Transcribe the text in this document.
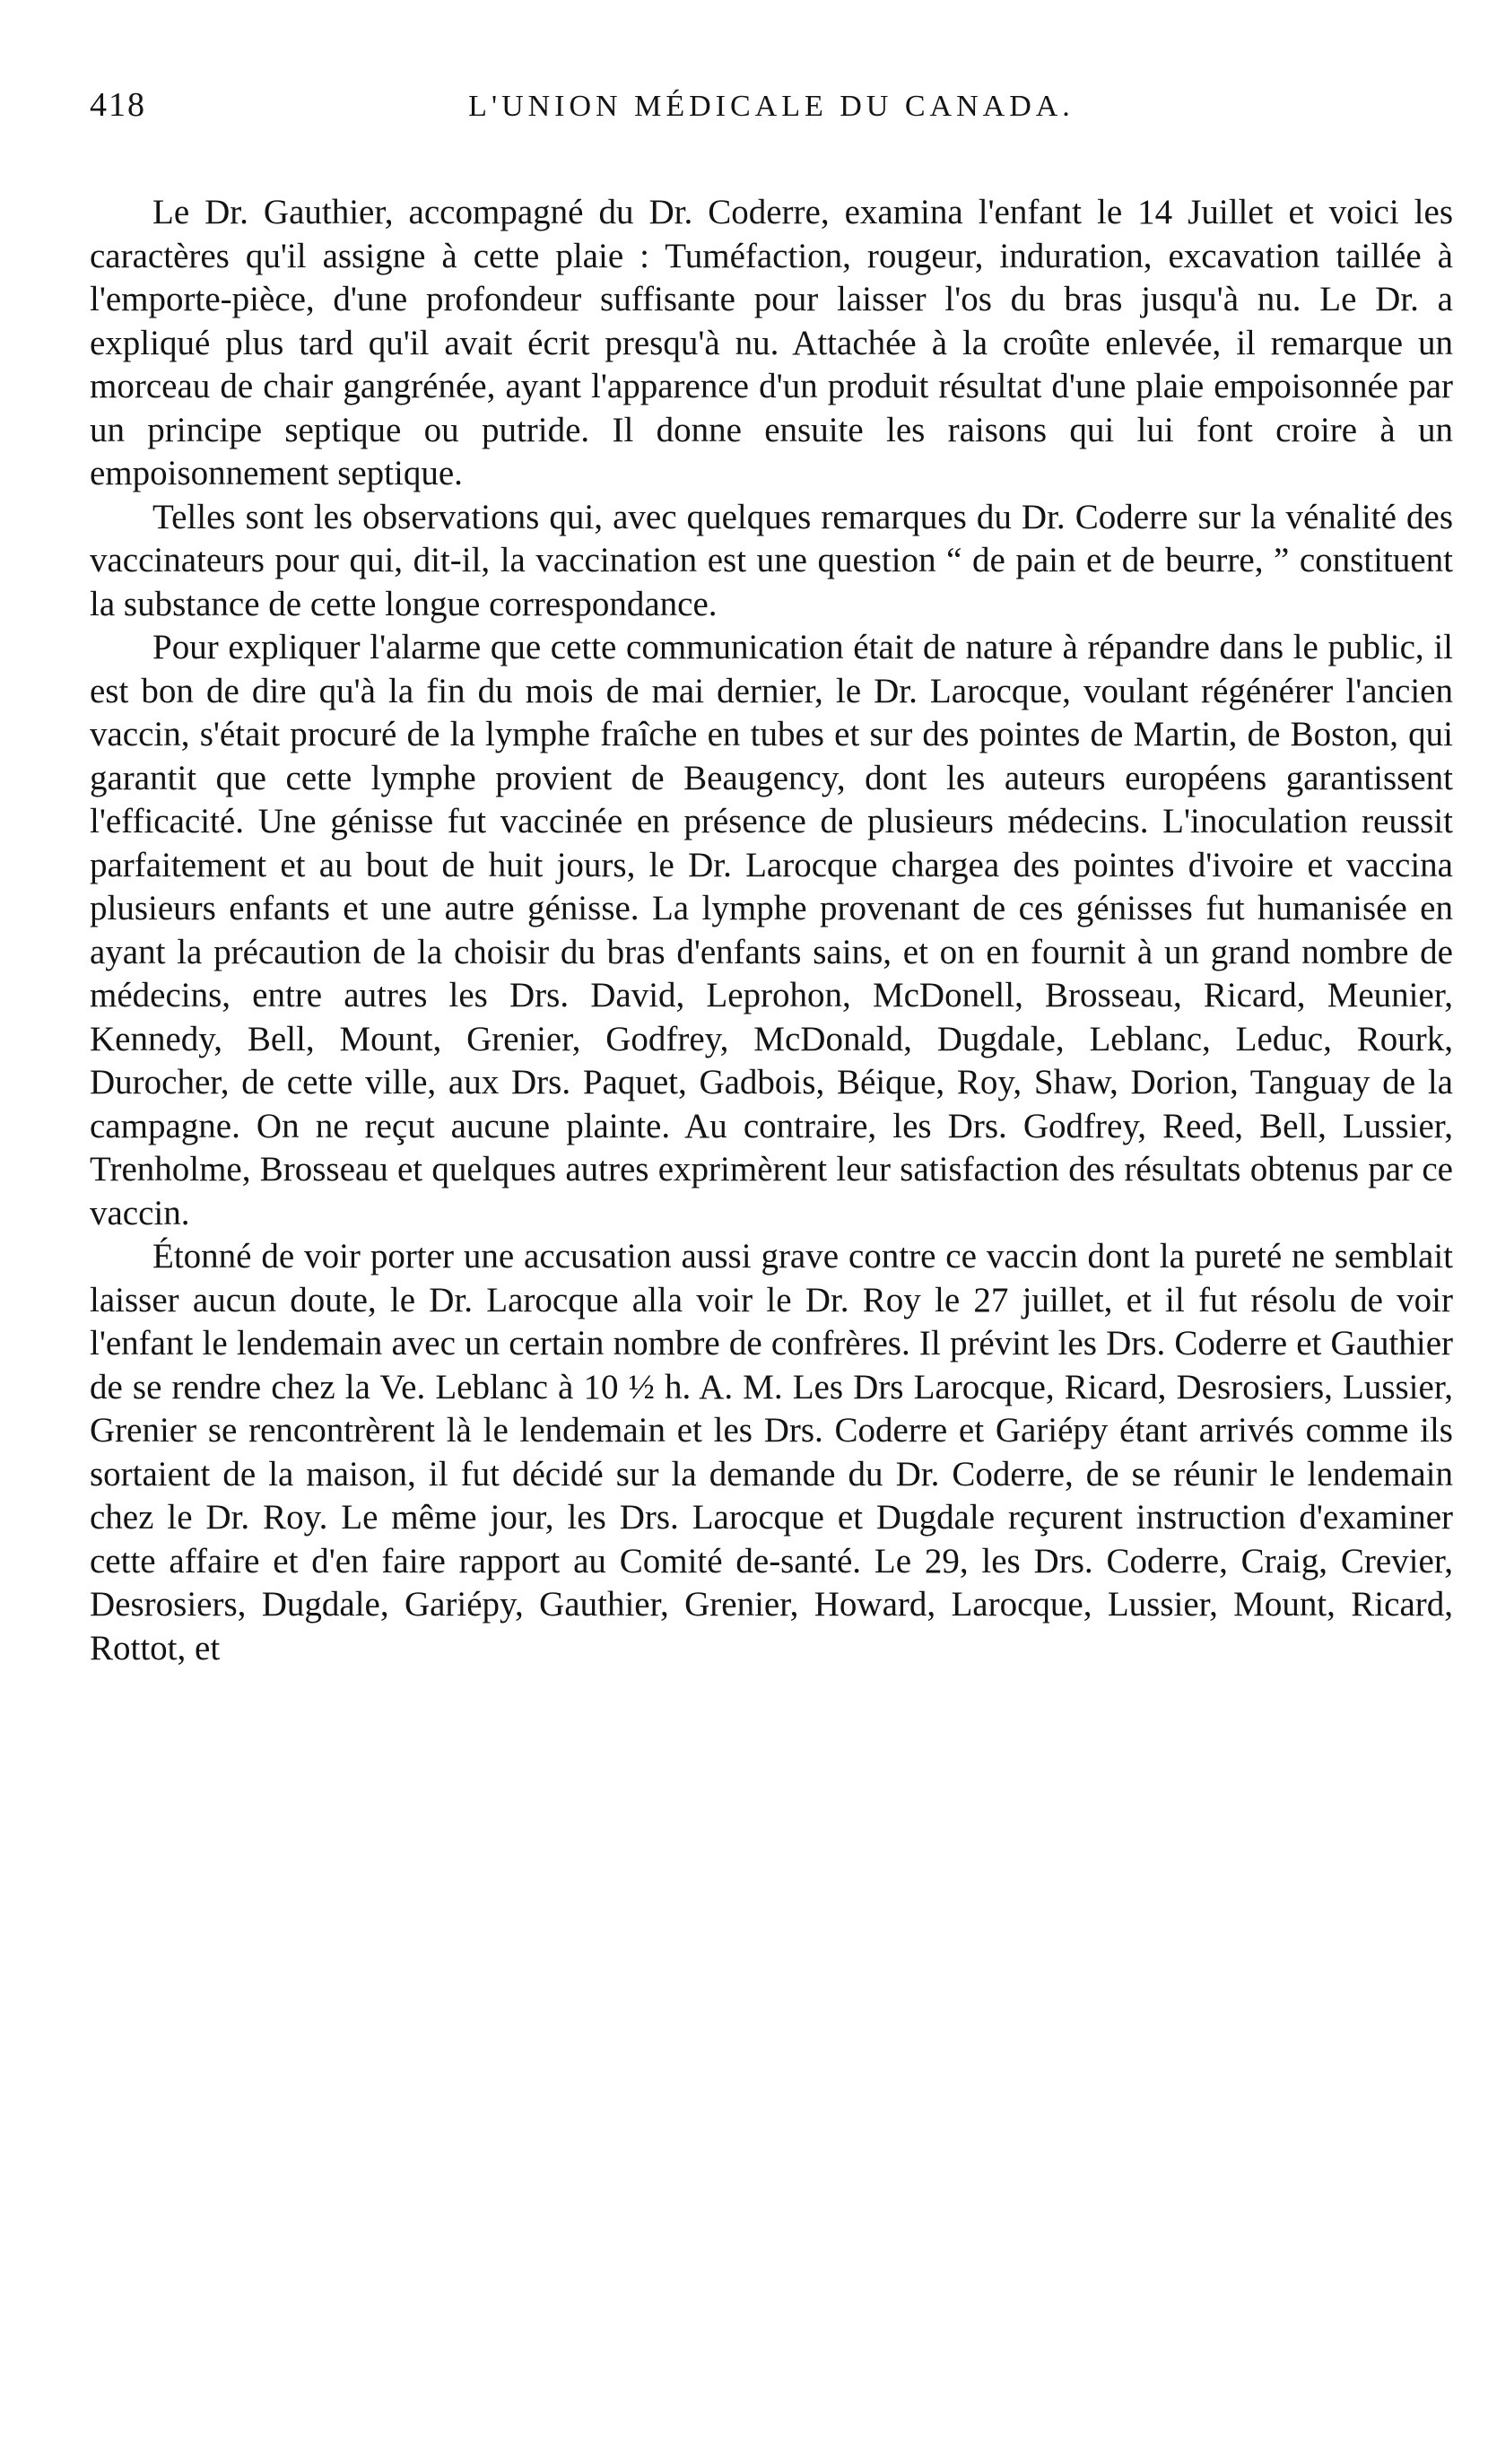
418	L'UNION MÉDICALE DU CANADA.

Le Dr. Gauthier, accompagné du Dr. Coderre, examina l'enfant le 14 Juillet et voici les caractères qu'il assigne à cette plaie : Tuméfaction, rougeur, induration, excavation taillée à l'emporte-pièce, d'une profondeur suffisante pour laisser l'os du bras jusqu'à nu. Le Dr. a expliqué plus tard qu'il avait écrit presqu'à nu. Attachée à la croûte enlevée, il remarque un morceau de chair gangrénée, ayant l'apparence d'un produit résultat d'une plaie empoisonnée par un principe septique ou putride. Il donne ensuite les raisons qui lui font croire à un empoisonnement septique.

Telles sont les observations qui, avec quelques remarques du Dr. Coderre sur la vénalité des vaccinateurs pour qui, dit-il, la vaccination est une question “ de pain et de beurre, ” constituent la substance de cette longue correspondance.

Pour expliquer l'alarme que cette communication était de nature à répandre dans le public, il est bon de dire qu'à la fin du mois de mai dernier, le Dr. Larocque, voulant régénérer l'ancien vaccin, s'était procuré de la lymphe fraîche en tubes et sur des pointes de Martin, de Boston, qui garantit que cette lymphe provient de Beaugency, dont les auteurs européens garantissent l'efficacité. Une génisse fut vaccinée en présence de plusieurs médecins. L'inoculation reussit parfaitement et au bout de huit jours, le Dr. Larocque chargea des pointes d'ivoire et vaccina plusieurs enfants et une autre génisse. La lymphe provenant de ces génisses fut humanisée en ayant la précaution de la choisir du bras d'enfants sains, et on en fournit à un grand nombre de médecins, entre autres les Drs. David, Leprohon, McDonell, Brosseau, Ricard, Meunier, Kennedy, Bell, Mount, Grenier, Godfrey, McDonald, Dugdale, Leblanc, Leduc, Rourk, Durocher, de cette ville, aux Drs. Paquet, Gadbois, Béique, Roy, Shaw, Dorion, Tanguay de la campagne. On ne reçut aucune plainte. Au contraire, les Drs. Godfrey, Reed, Bell, Lussier, Trenholme, Brosseau et quelques autres exprimèrent leur satisfaction des résultats obtenus par ce vaccin.

Étonné de voir porter une accusation aussi grave contre ce vaccin dont la pureté ne semblait laisser aucun doute, le Dr. Larocque alla voir le Dr. Roy le 27 juillet, et il fut résolu de voir l'enfant le lendemain avec un certain nombre de confrères. Il prévint les Drs. Coderre et Gauthier de se rendre chez la Ve. Leblanc à 10 ½ h. A. M. Les Drs Larocque, Ricard, Desrosiers, Lussier, Grenier se rencontrèrent là le lendemain et les Drs. Coderre et Gariépy étant arrivés comme ils sortaient de la maison, il fut décidé sur la demande du Dr. Coderre, de se réunir le lendemain chez le Dr. Roy. Le même jour, les Drs. Larocque et Dugdale reçurent instruction d'examiner cette affaire et d'en faire rapport au Comité de-santé. Le 29, les Drs. Coderre, Craig, Crevier, Desrosiers, Dugdale, Gariépy, Gauthier, Grenier, Howard, Larocque, Lussier, Mount, Ricard, Rottot, et
